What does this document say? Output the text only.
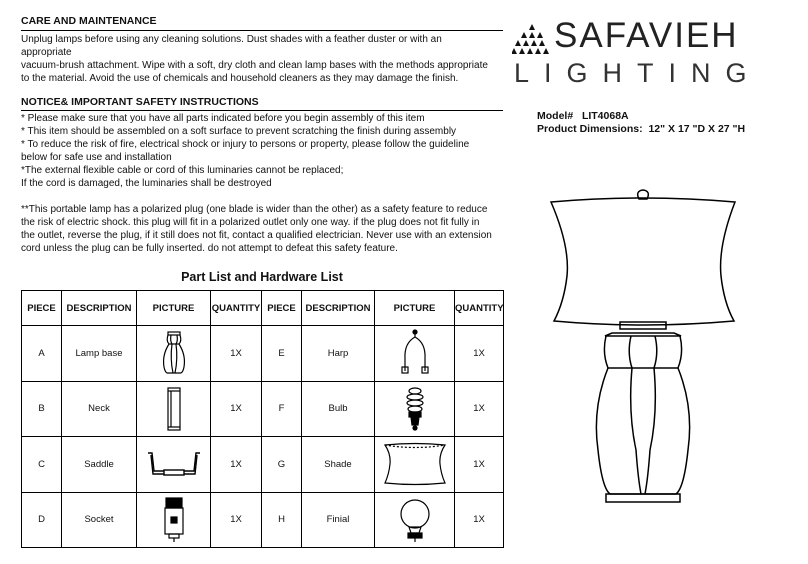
CARE AND MAINTENANCE
Unplug lamps before using any cleaning solutions. Dust shades with a feather duster or with an
appropriate
vacuum-brush attachment. Wipe with a soft, dry cloth and clean lamp bases with the methods appropriate
to the material. Avoid the use of chemicals and household cleaners as they may damage the finish.
NOTICE& IMPORTANT SAFETY INSTRUCTIONS
* Please make sure that you have all parts indicated before you begin assembly of this item
* This item should be assembled on a soft surface to prevent scratching the finish during assembly
* To reduce the risk of fire, electrical shock or injury to persons or property, please follow the guideline
below for safe use and installation
*The external flexible cable or cord of this luminaries cannot be replaced;
If the cord is damaged, the luminaries shall be destroyed
**This portable lamp has a polarized plug (one blade is wider than the other) as a safety feature to reduce
the risk of electric shock. this plug will fit in a polarized outlet only one way. if the plug does not fit fully in
the outlet, reverse the plug, if it still does not fit, contact a qualified electrician. Never use with an extension
cord unless the plug can be fully inserted. do not attempt to defeat this safety feature.
SAFAVIEH
LIGHTING
Model# LIT4068A
Product Dimensions: 12" X 17 "D X 27 "H
Part List and Hardware List
PIECE	DESCRIPTION	PICTURE	QUANTITY	PIECE	DESCRIPTION	PICTURE	QUANTITY
A	Lamp base		1X	E	Harp		1X
B	Neck		1X	F	Bulb		1X
C	Saddle		1X	G	Shade		1X
D	Socket		1X	H	Finial		1X
